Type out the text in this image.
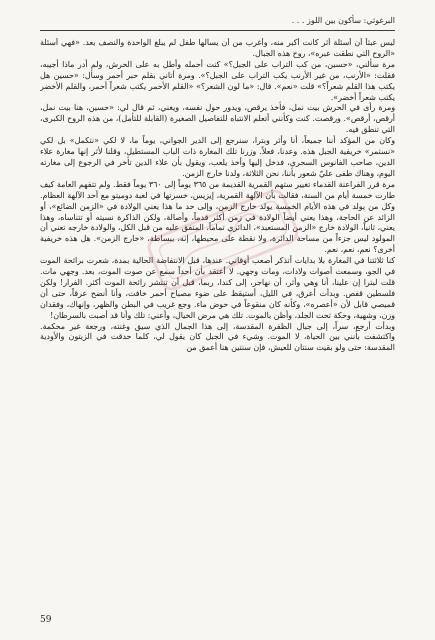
البرغوثي: سأكون بين اللوز . . .

ليس عبثاً أن أسئلة أثر كانت أكبر منه، وأغرب من أن يسألها طفل لم يبلغ الواحدة والنصف بعد. «فهي أسئلة «الروح التي نطقت عبره»، روح هذه الجبال.

مرة سألني، «حسين، من كب التراب على الجبل؟» كنت أحمله وأطل به على الحرش، ولم أدر ماذا أجيبه، فقلت: «الأرنب، من غير الأرنب يكب التراب على الجبل؟». ومرة أتاني بقلم حبر أحمر وسأل: «حسين هل يكتب هذا القلم شعراً؟» قلت «نعم». قال: «ما لون الشعر؟» «القلم الأحمر يكتب شعراً أحمر، والقلم الأخضر يكتب شعراً أخضر».

ومرة رأى في الحرش بيت نمل، فأخذ يرقص، ويدور حول نفسه، ويغني، ثم قال لي: «حسين، هنا بيت نمل، أرقص، أرقص». ورقصت. كنت وكأنني أتعلم الانتباه للتفاصيل الصغيرة (القابلة للتأمل)، من هذه الروح الكبرى، التي تنطق فيه.

وكان من المؤكد أننا جميعاً، أنا وأثر وبترا، سنرجع إلى الدير الجواني، يوماً ما، لا لكي «نتكمل» بل لكي «نستمر» خريفية الجبل هذه. وعدنا، فعلاً. وزرنا تلك المغارة ذات الباب المستطيل، وقلنا لأثر إنها مغارة علاء الدين، صاحب الفانوس السحري، فدخل إليها وأخذ يلعب، ويقول بأن علاء الدين تأخر في الرجوع إلى مغارته اليوم، وهناك طفى عليّ شعور بأننا، نحن الثلاثة، ولدنا خارج الزمن.

مرة قرر الفراعنة القدماء تغيير ستهم القمرية القديمة من ٣٦٥ يوماً إلى ٣٦٠ يوماً فقط. ولم تتفهم العامة كيف طارت خمسة أيام من السنة، فقالت بأن الآلهة القمرية، إيزيس، خسرتها في لعبة دوميتو مع أحد الآلهة العظام. وكل من يولد في هذه الأيام الخمسة يولد خارج الزمن، وإلى حد ما هذا يعني الولادة في «الزمن الضائع»، أو الزائد عن الحاجة، وهذا يعني أيضاً الولادة في زمن أكثر قدماً، وأصالة، ولكن الذاكرة نسيته أو تتناساه، وهذا يعني، ثانياً، الولادة خارج «الزمن المستعبد»، الدائري تماماً، المتفق عليه من قبل الكل، والولادة خارجه تعني أن المولود ليس جزءاً من مساحة الدائرة، ولا نقطة على محيطها، إنه، ببساطة، «خارج الزمن». هل هذه خريفية أخرى؟ نعم، نعم، نعم.

كنا ثلاثتنا في المغارة بلا بدايات أتذكر أصعب أوقاتي. عندها، قبل الانتفاضة الحالية بمدة، شعرت برائحة الموت في الجو، وسمعت أصوات ولادات، ومات وجهي. لا أعتقد بأن أحداً سمع عن صوت الموت، بعد. وجهي مات. قلت لبترا إن علينا، أنا وهي وأثر، أن نهاجر، إلى كندا، ربما، قبل أن تنتشر رائحة الموت أكثر. الفرار! ولكن فلسطين قفص. وبدأت أعرق، في الليل، أستيقظ على ضوء مصباح أحمر خافت، وأنا أنضح عرقاً، حتى أن قميصي قابل لأن «أعصره»، وكأنه كان منقوعاً في حوض ماء. وجع غريب في البطن والظهر، وإنهاك، وفقدان وزن، وشهية، وحكة تحت الجلد، وأظن بالموت. تلك هي مرض الخيال، وأعني: تلك وأنا قد أصبت بالسرطان!

وبدأت أرجع، سراً، إلى جبال الظفرة المقدسة، إلى هذا الجمال الذي سيق وغنته، ورجعة غير محكمة. واكتشفت بأنني بين الحياة، لا الموت. وشيء في الجبل كان يقول لي، كلما حدقت في الزيتون والأودية المقدسة: حتى ولو بقيت سنتان للعيش، فإن سنتين هنا أعمق من

59
